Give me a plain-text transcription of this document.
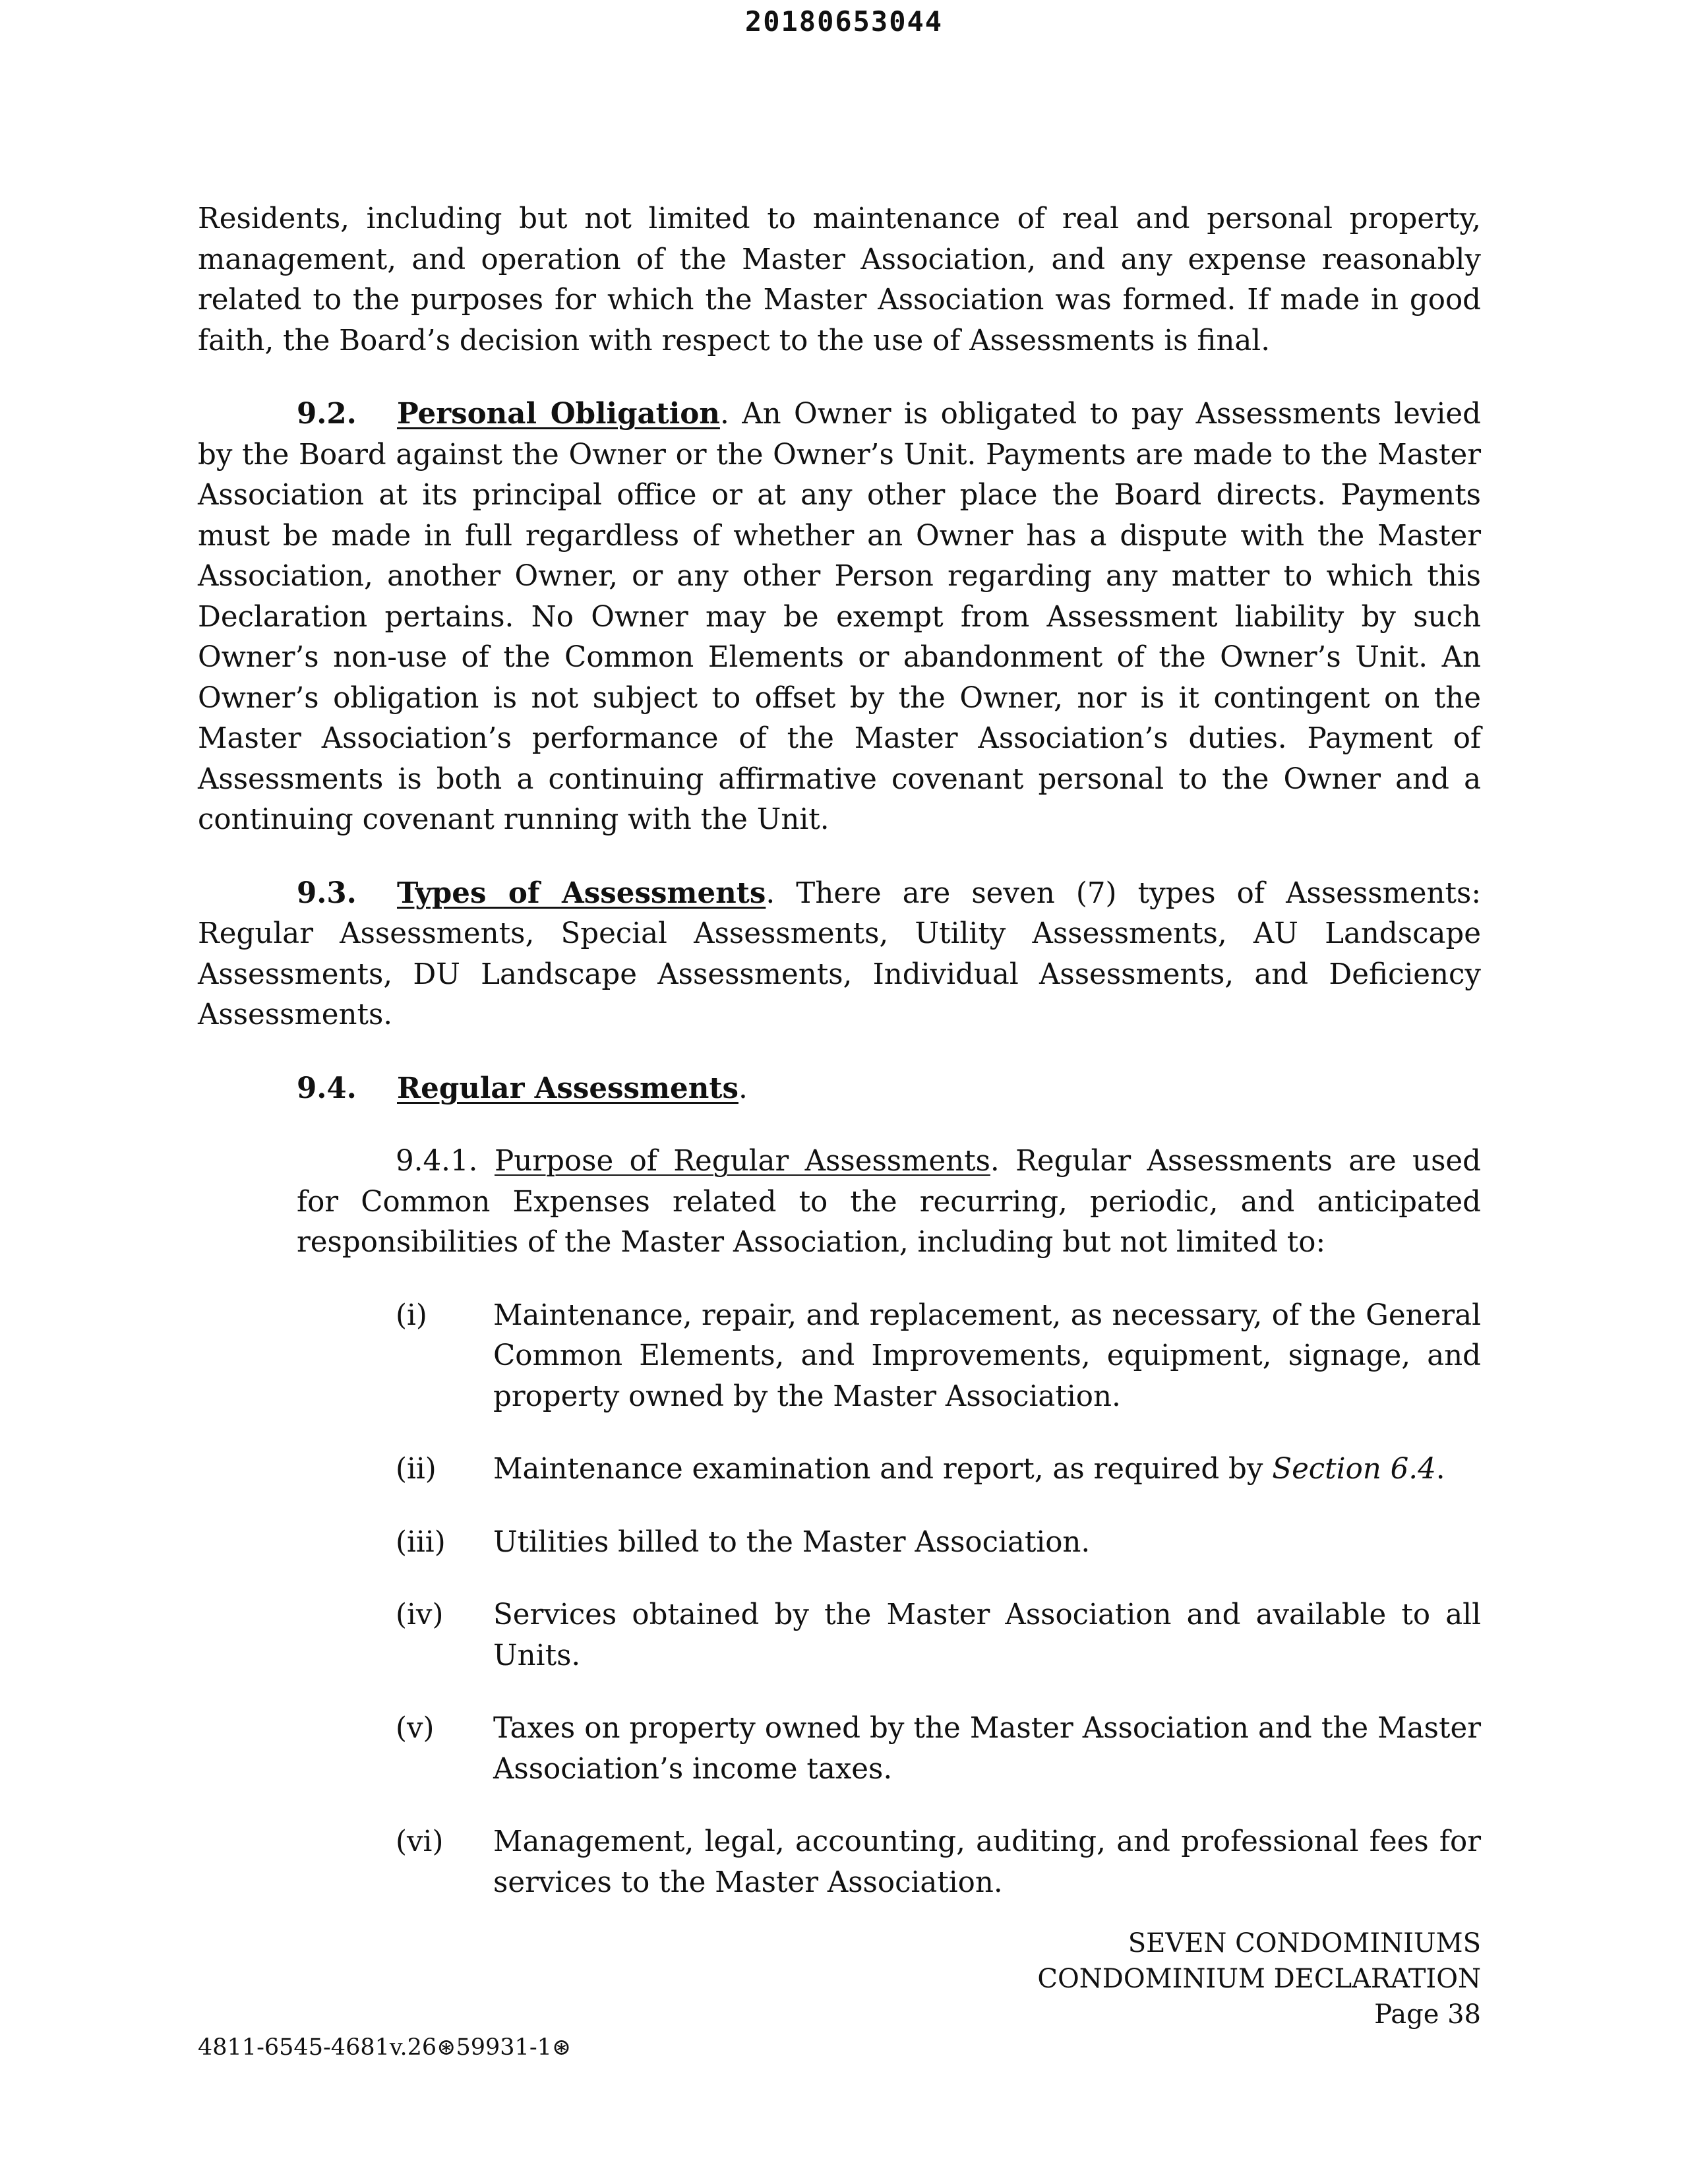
20180653044

Residents, including but not limited to maintenance of real and personal property, management, and operation of the Master Association, and any expense reasonably related to the purposes for which the Master Association was formed. If made in good faith, the Board’s decision with respect to the use of Assessments is final.

9.2. Personal Obligation. An Owner is obligated to pay Assessments levied by the Board against the Owner or the Owner’s Unit. Payments are made to the Master Association at its principal office or at any other place the Board directs. Payments must be made in full regardless of whether an Owner has a dispute with the Master Association, another Owner, or any other Person regarding any matter to which this Declaration pertains. No Owner may be exempt from Assessment liability by such Owner’s non-use of the Common Elements or abandonment of the Owner’s Unit. An Owner’s obligation is not subject to offset by the Owner, nor is it contingent on the Master Association’s performance of the Master Association’s duties. Payment of Assessments is both a continuing affirmative covenant personal to the Owner and a continuing covenant running with the Unit.

9.3. Types of Assessments. There are seven (7) types of Assessments: Regular Assessments, Special Assessments, Utility Assessments, AU Landscape Assessments, DU Landscape Assessments, Individual Assessments, and Deficiency Assessments.

9.4. Regular Assessments.

9.4.1. Purpose of Regular Assessments. Regular Assessments are used for Common Expenses related to the recurring, periodic, and anticipated responsibilities of the Master Association, including but not limited to:

(i)	Maintenance, repair, and replacement, as necessary, of the General Common Elements, and Improvements, equipment, signage, and property owned by the Master Association.
(ii)	Maintenance examination and report, as required by Section 6.4.
(iii)	Utilities billed to the Master Association.
(iv)	Services obtained by the Master Association and available to all Units.
(v)	Taxes on property owned by the Master Association and the Master Association’s income taxes.
(vi)	Management, legal, accounting, auditing, and professional fees for services to the Master Association.
SEVEN CONDOMINIUMS
CONDOMINIUM DECLARATION
Page 38
4811-6545-4681v.26⊛59931-1⊛
